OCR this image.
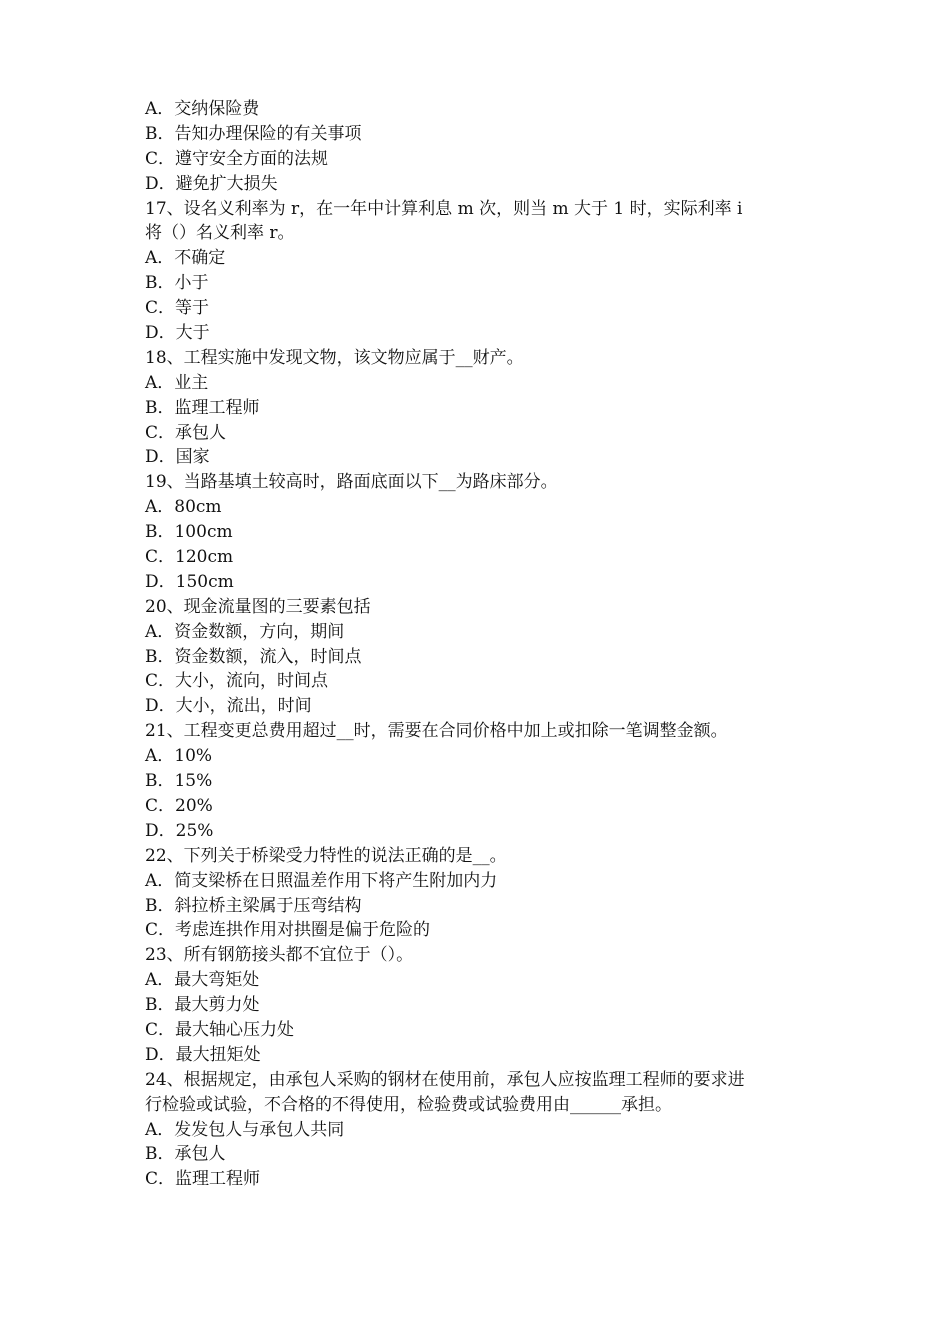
A．交纳保险费
B．告知办理保险的有关事项
C．遵守安全方面的法规
D．避免扩大损失
17、设名义利率为 r，在一年中计算利息 m 次，则当 m 大于 1 时，实际利率 i
将（）名义利率 r。
A．不确定
B．小于
C．等于
D．大于
18、工程实施中发现文物，该文物应属于__财产。
A．业主
B．监理工程师
C．承包人
D．国家
19、当路基填土较高时，路面底面以下__为路床部分。
A．80cm
B．100cm
C．120cm
D．150cm
20、现金流量图的三要素包括
A．资金数额，方向，期间
B．资金数额，流入，时间点
C．大小，流向，时间点
D．大小，流出，时间
21、工程变更总费用超过__时，需要在合同价格中加上或扣除一笔调整金额。
A．10%
B．15%
C．20%
D．25%
22、下列关于桥梁受力特性的说法正确的是__。
A．简支梁桥在日照温差作用下将产生附加内力
B．斜拉桥主梁属于压弯结构
C．考虑连拱作用对拱圈是偏于危险的
23、所有钢筋接头都不宜位于（）。
A．最大弯矩处
B．最大剪力处
C．最大轴心压力处
D．最大扭矩处
24、根据规定，由承包人采购的钢材在使用前，承包人应按监理工程师的要求进
行检验或试验，不合格的不得使用，检验费或试验费用由______承担。
A．发发包人与承包人共同
B．承包人
C．监理工程师
